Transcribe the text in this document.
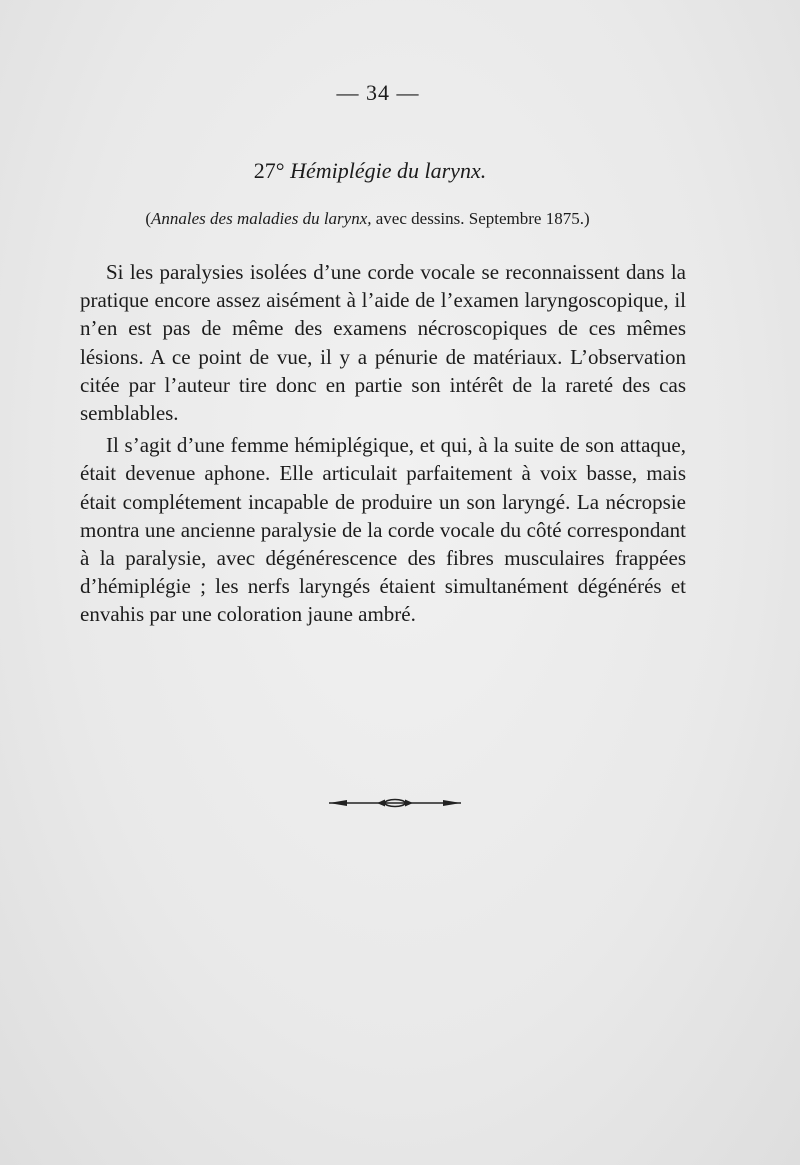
— 34 —
27° Hémiplégie du larynx.
(Annales des maladies du larynx, avec dessins. Septembre 1875.)

Si les paralysies isolées d’une corde vocale se reconnaissent dans la pratique encore assez aisément à l’aide de l’examen laryngoscopique, il n’en est pas de même des examens nécroscopiques de ces mêmes lésions. A ce point de vue, il y a pénurie de matériaux. L’observation citée par l’auteur tire donc en partie son intérêt de la rareté des cas semblables.

Il s’agit d’une femme hémiplégique, et qui, à la suite de son attaque, était devenue aphone. Elle articulait parfaitement à voix basse, mais était complétement incapable de produire un son laryngé. La nécropsie montra une ancienne paralysie de la corde vocale du côté correspondant à la paralysie, avec dégénérescence des fibres musculaires frappées d’hémiplégie ; les nerfs laryngés étaient simultanément dégénérés et envahis par une coloration jaune ambré.
